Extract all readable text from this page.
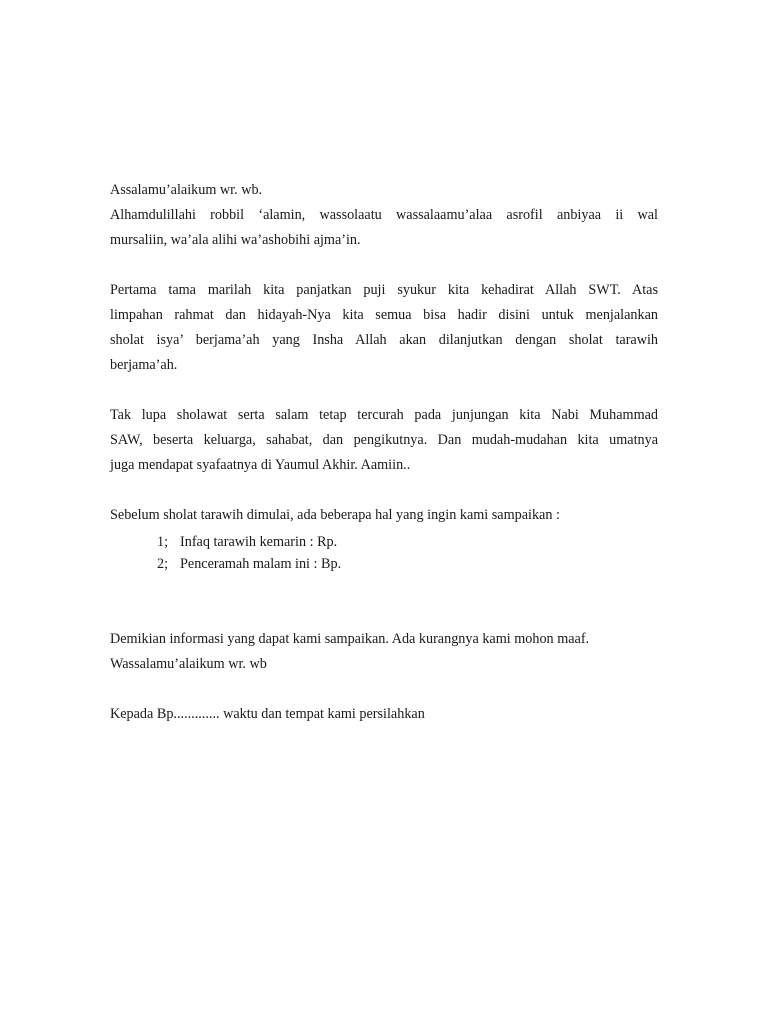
Assalamu’alaikum wr. wb.

Alhamdulillahi robbil ‘alamin, wassolaatu wassalaamu’alaa asrofil anbiyaa ii wal
mursaliin, wa’ala alihi wa’ashobihi ajma’in.

Pertama tama marilah kita panjatkan puji syukur kita kehadirat Allah SWT. Atas
limpahan rahmat dan hidayah-Nya kita semua bisa hadir disini untuk menjalankan
sholat isya’ berjama’ah yang Insha Allah akan dilanjutkan dengan sholat tarawih
berjama’ah.

Tak lupa sholawat serta salam tetap tercurah pada junjungan kita Nabi Muhammad
SAW, beserta keluarga, sahabat, dan pengikutnya. Dan mudah-mudahan kita umatnya
juga mendapat syafaatnya di Yaumul Akhir. Aamiin..

Sebelum sholat tarawih dimulai, ada beberapa hal yang ingin kami sampaikan :

1; Infaq tarawih kemarin : Rp.
2; Penceramah malam ini : Bp.

Demikian informasi yang dapat kami sampaikan. Ada kurangnya kami mohon maaf.
Wassalamu’alaikum wr. wb

Kepada Bp............. waktu dan tempat kami persilahkan
